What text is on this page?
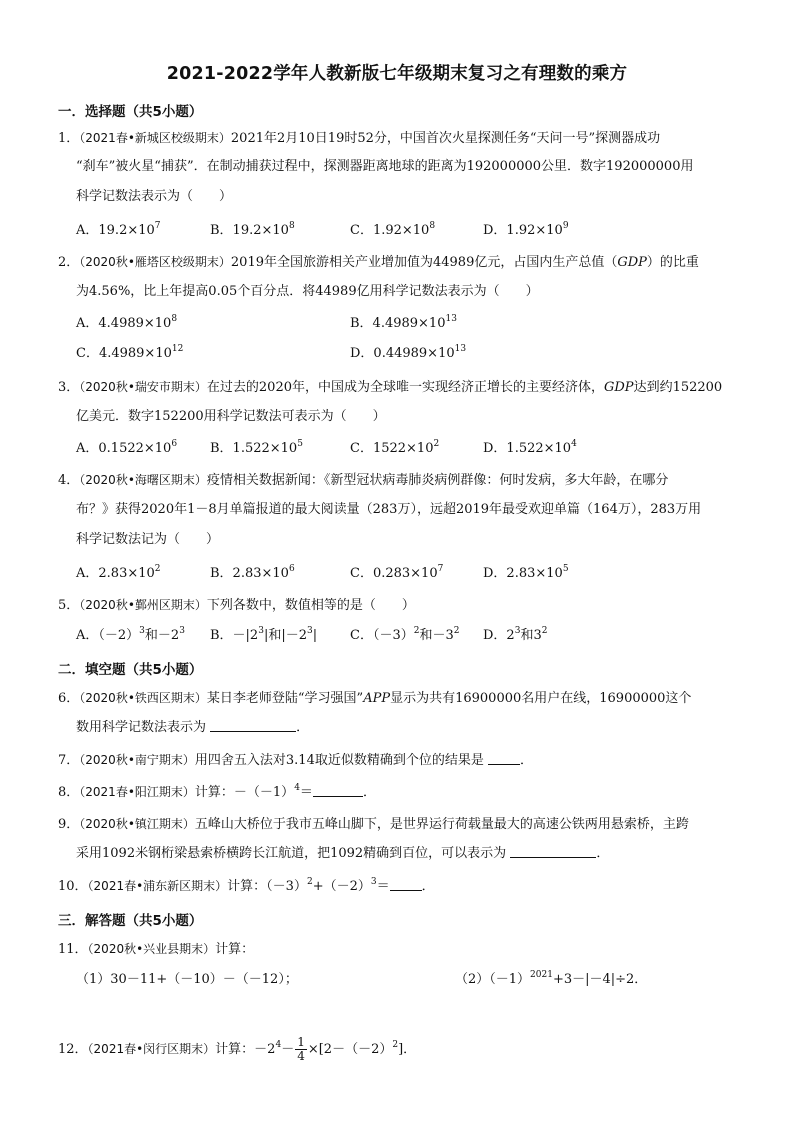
2021-2022学年人教新版七年级期末复习之有理数的乘方
一．选择题（共5小题）
1．（2021春•新城区校级期末）2021年2月10日19时52分，中国首次火星探测任务“天问一号”探测器成功
“刹车”被火星“捕获”．在制动捕获过程中，探测器距离地球的距离为192000000公里．数字192000000用
科学记数法表示为（　　）
A．$19.2\times 10^7$	B．$19.2\times 10^8$	C．$1.92\times 10^8$	D．$1.92\times 10^9$
2．（2020秋•雁塔区校级期末）2019年全国旅游相关产业增加值为44989亿元，占国内生产总值（GDP）的比重
为4.56%，比上年提高0.05个百分点．将44989亿用科学记数法表示为（　　）
A．$4.4989\times 10^8$	B．$4.4989\times 10^{13}$
C．$4.4989\times 10^{12}$	D．$0.44989\times 10^{13}$
3．（2020秋•瑞安市期末）在过去的2020年，中国成为全球唯一实现经济正增长的主要经济体，GDP达到约152200
亿美元．数字152200用科学记数法可表示为（　　）
A．$0.1522\times 10^6$	B．$1.522\times 10^5$	C．$1522\times 10^2$	D．$1.522\times 10^4$
4．（2020秋•海曙区期末）疫情相关数据新闻：《新型冠状病毒肺炎病例群像：何时发病，多大年龄，在哪分
布？》获得2020年1－8月单篇报道的最大阅读量（283万），远超2019年最受欢迎单篇（164万），283万用
科学记数法记为（　　）
A．$2.83\times 10^2$	B．$2.83\times 10^6$	C．$0.283\times 10^7$	D．$2.83\times 10^5$
5．（2020秋•鄞州区期末）下列各数中，数值相等的是（　　）
A．$(-2)^3$和$-2^3$ B．$-|2^3|$和$|-2^3|$	C．$(-3)^2$和$-3^2$ D．$2^3$和$3^2$
二．填空题（共5小题）
6．（2020秋•铁西区期末）某日李老师登陆“学习强国”APP显示为共有16900000名用户在线，16900000这个
数用科学记数法表示为	．
7．（2020秋•南宁期末）用四舍五入法对3.14取近似数精确到个位的结果是	．
8．（2021春•阳江期末）计算：$-(-1)^4=$	．
9．（2020秋•镇江期末）五峰山大桥位于我市五峰山脚下，是世界运行荷载量最大的高速公铁两用悬索桥，主跨
采用1092米钢桁梁悬索桥横跨长江航道，把1092精确到百位，可以表示为	．
10．（2021春•浦东新区期末）计算：$(-3)^2+(-2)^3=$ ．
三．解答题（共5小题）
11．（2020秋•兴业县期末）计算：
（1）30－11+（－10）－（－12）；	$(2)(-1)^{2021}+3-|-4|\div 2$．
12．（2021春•闵行区期末）计算：$-2^4- \frac{1}{4} \times[2-(-2)^2]$．
